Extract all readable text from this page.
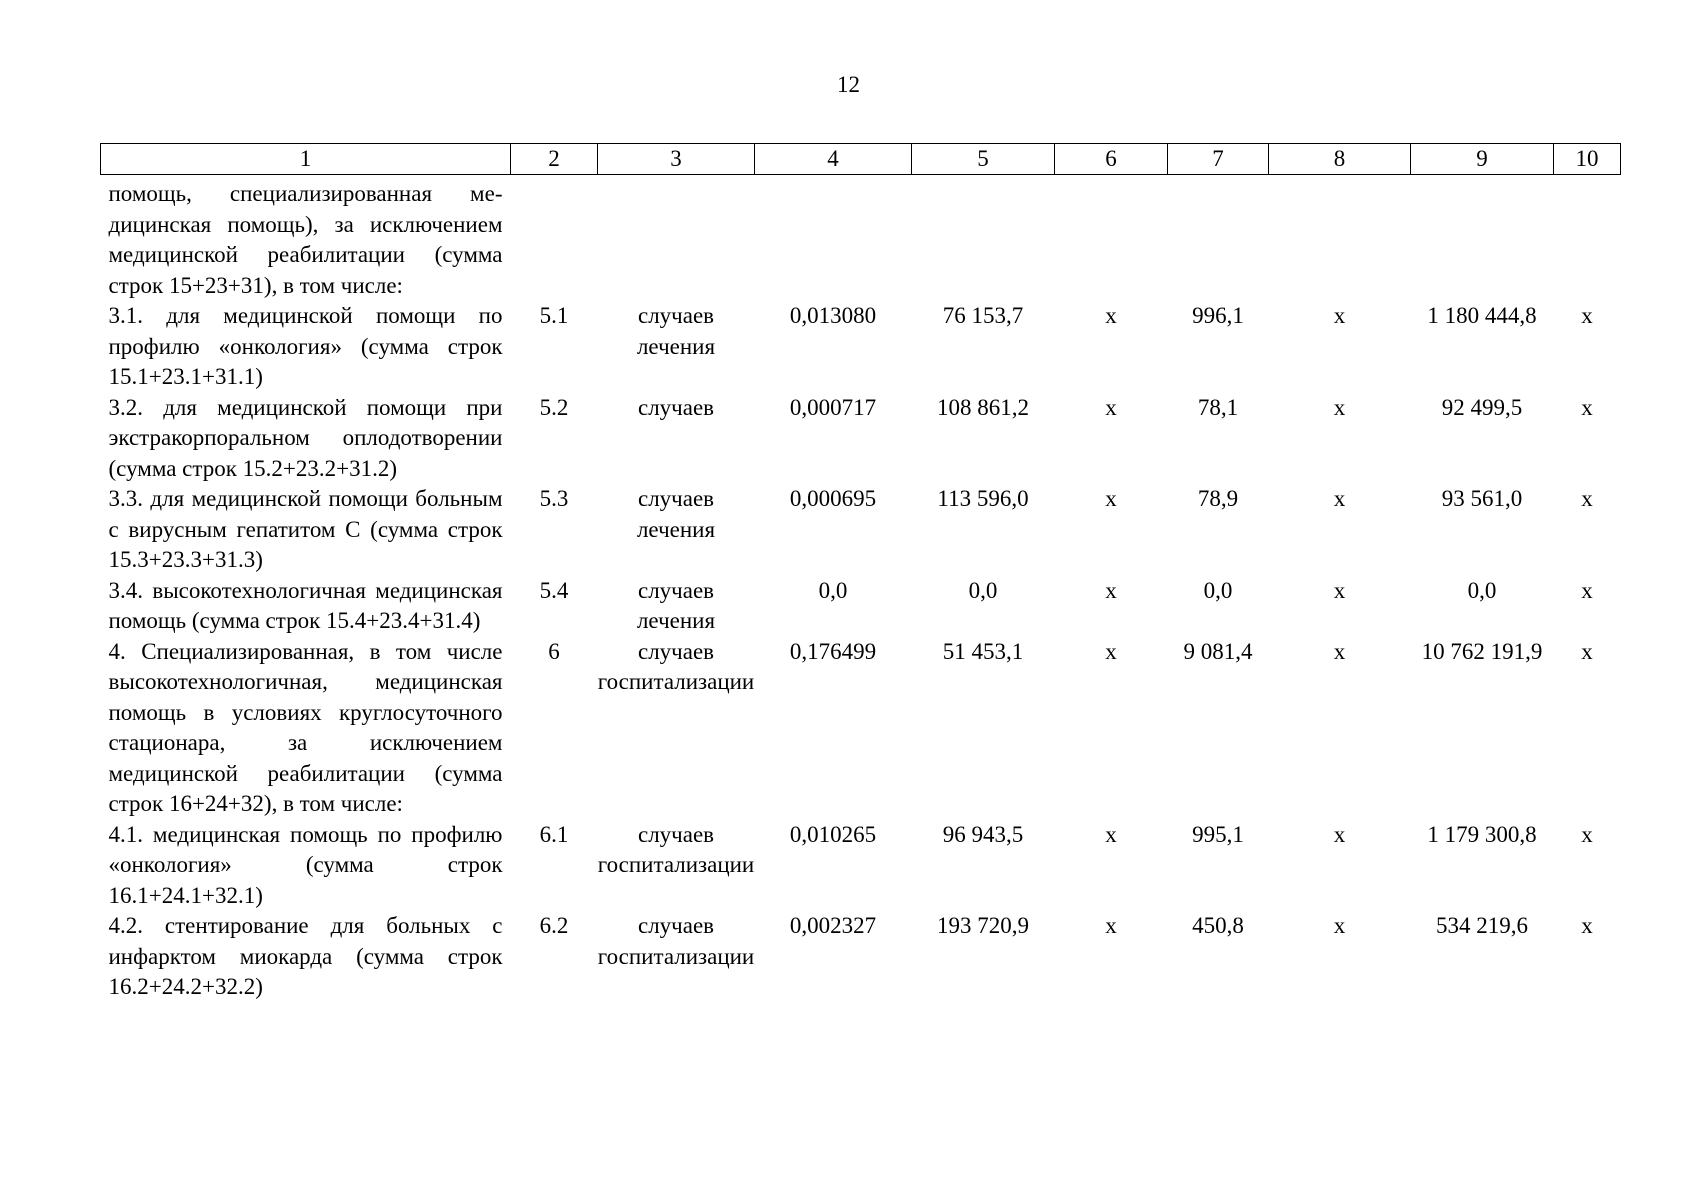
12
1	2	3	4	5	6	7	8	9	10
помощь, специализированная медицинская помощь), за исключением медицинской реабилитации (сумма строк 15+23+31), в том числе:									
3.1. для медицинской помощи по профилю «онкология» (сумма строк 15.1+23.1+31.1)	5.1	случаев лечения	0,013080	76 153,7	х	996,1	х	1 180 444,8	х
3.2. для медицинской помощи при экстракорпоральном оплодотворении (сумма строк 15.2+23.2+31.2)	5.2	случаев	0,000717	108 861,2	х	78,1	х	92 499,5	х
3.3. для медицинской помощи больным с вирусным гепатитом С (сумма строк 15.3+23.3+31.3)	5.3	случаев лечения	0,000695	113 596,0	х	78,9	х	93 561,0	х
3.4. высокотехнологичная медицинская помощь (сумма строк 15.4+23.4+31.4)	5.4	случаев лечения	0,0	0,0	х	0,0	х	0,0	х
4. Специализированная, в том числе высокотехнологичная, медицинская помощь в условиях круглосуточного стационара, за исключением медицинской реабилитации (сумма строк 16+24+32), в том числе:	6	случаев госпитализации	0,176499	51 453,1	х	9 081,4	х	10 762 191,9	х
4.1. медицинская помощь по профилю «онкология» (сумма строк 16.1+24.1+32.1)	6.1	случаев госпитализации	0,010265	96 943,5	х	995,1	х	1 179 300,8	х
4.2. стентирование для больных с инфарктом миокарда (сумма строк 16.2+24.2+32.2)	6.2	случаев госпитализации	0,002327	193 720,9	х	450,8	х	534 219,6	х
